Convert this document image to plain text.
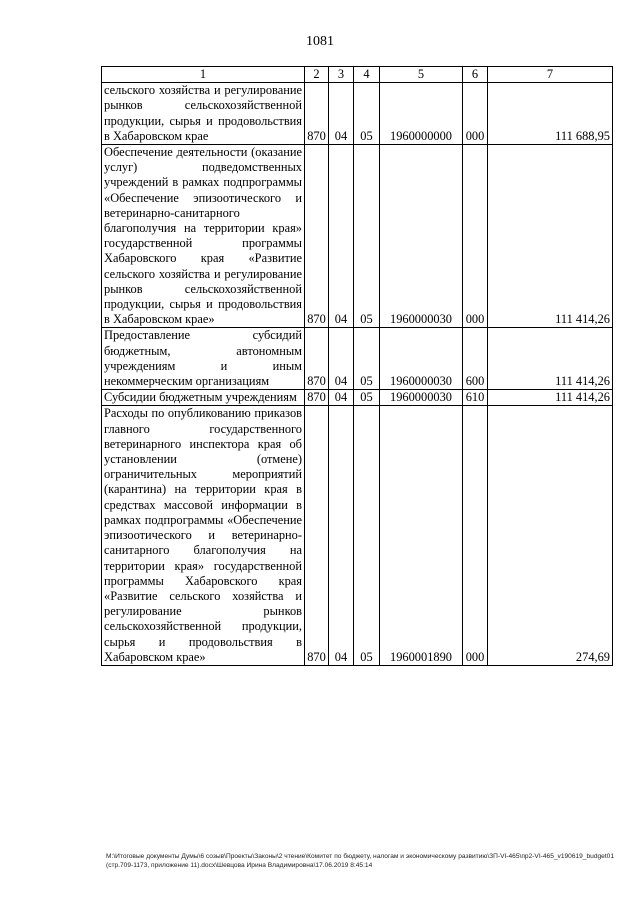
1081
1	2	3	4	5	6	7
сельского хозяйства и регулирование рынков сельскохозяйственной продукции, сырья и продовольствия в Хабаровском крае	870	04	05	1960000000	000	111 688,95
Обеспечение деятельности (оказание услуг) подведомственных учреждений в рамках подпрограммы «Обеспечение эпизоотического и ветеринарно-санитарного благополучия на территории края» государственной программы Хабаровского края «Развитие сельского хозяйства и регулирование рынков сельскохозяйственной продукции, сырья и продовольствия в Хабаровском крае»	870	04	05	1960000030	000	111 414,26
Предоставление субсидий бюджетным, автономным учреждениям и иным некоммерческим организациям	870	04	05	1960000030	600	111 414,26
Субсидии бюджетным учреждениям	870	04	05	1960000030	610	111 414,26
Расходы по опубликованию приказов главного государственного ветеринарного инспектора края об установлении (отмене) ограничительных мероприятий (карантина) на территории края в средствах массовой информации в рамках подпрограммы «Обеспечение эпизоотического и ветеринарно-санитарного благополучия на территории края» государственной программы Хабаровского края «Развитие сельского хозяйства и регулирование рынков сельскохозяйственной продукции, сырья и продовольствия в Хабаровском крае»	870	04	05	1960001890	000	274,69
М:\Итоговые документы Думы\6 созыв\Проекты\Законы\2 чтение\Комитет по бюджету, налогам и экономическому развитию\ЗП-VI-465\пр2-VI-465_v190619_budget01 (стр.709-1173, приложение 11).docx\Шевцова Ирина Владимировна\17.06.2019 8:45:14
